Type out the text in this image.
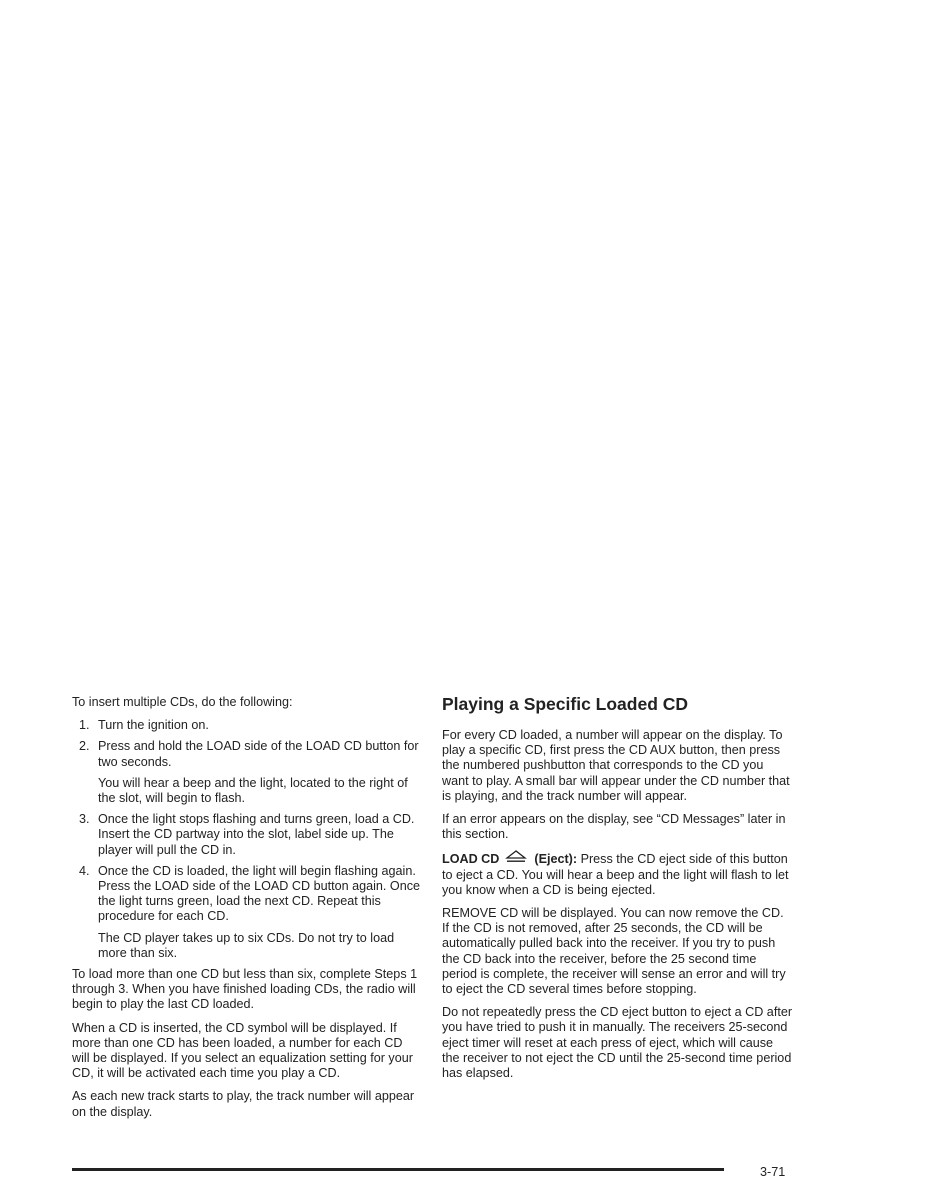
To insert multiple CDs, do the following:

1. Turn the ignition on.
2. Press and hold the LOAD side of the LOAD CD button for two seconds.
You will hear a beep and the light, located to the right of the slot, will begin to flash.
3. Once the light stops flashing and turns green, load a CD. Insert the CD partway into the slot, label side up. The player will pull the CD in.
4. Once the CD is loaded, the light will begin flashing again. Press the LOAD side of the LOAD CD button again. Once the light turns green, load the next CD. Repeat this procedure for each CD.
The CD player takes up to six CDs. Do not try to load more than six.

To load more than one CD but less than six, complete Steps 1 through 3. When you have finished loading CDs, the radio will begin to play the last CD loaded.

When a CD is inserted, the CD symbol will be displayed. If more than one CD has been loaded, a number for each CD will be displayed. If you select an equalization setting for your CD, it will be activated each time you play a CD.

As each new track starts to play, the track number will appear on the display.

Playing a Specific Loaded CD

For every CD loaded, a number will appear on the display. To play a specific CD, first press the CD AUX button, then press the numbered pushbutton that corresponds to the CD you want to play. A small bar will appear under the CD number that is playing, and the track number will appear.

If an error appears on the display, see “CD Messages” later in this section.

LOAD CD	(Eject): Press the CD eject side of this button to eject a CD. You will hear a beep and the light will flash to let you know when a CD is being ejected.

REMOVE CD will be displayed. You can now remove the CD. If the CD is not removed, after 25 seconds, the CD will be automatically pulled back into the receiver. If you try to push the CD back into the receiver, before the 25 second time period is complete, the receiver will sense an error and will try to eject the CD several times before stopping.

Do not repeatedly press the CD eject button to eject a CD after you have tried to push it in manually. The receivers 25-second eject timer will reset at each press of eject, which will cause the receiver to not eject the CD until the 25-second time period has elapsed.

3-71
